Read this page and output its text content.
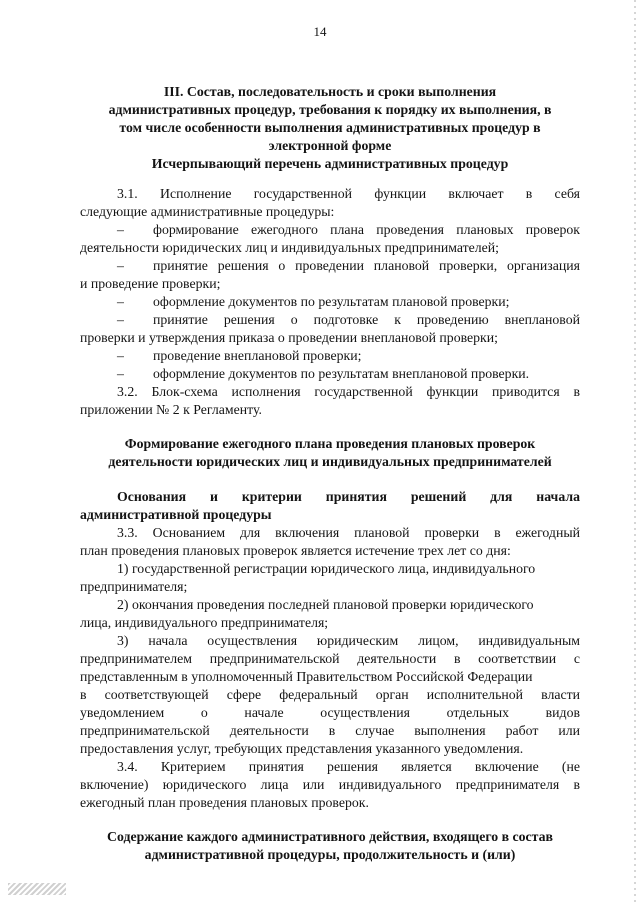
14
III. Состав, последовательность и сроки выполнения
административных процедур, требования к порядку их выполнения, в
том числе особенности выполнения административных процедур в
электронной форме
Исчерпывающий перечень административных процедур
3.1. Исполнение государственной функции включает в себя
следующие административные процедуры:
– формирование ежегодного плана проведения плановых проверок
деятельности юридических лиц и индивидуальных предпринимателей;
– принятие решения о проведении плановой проверки, организация
и проведение проверки;
– оформление документов по результатам плановой проверки;
– принятие решения о подготовке к проведению внеплановой
проверки и утверждения приказа о проведении внеплановой проверки;
– проведение внеплановой проверки;
– оформление документов по результатам внеплановой проверки.
3.2. Блок-схема исполнения государственной функции приводится в
приложении № 2 к Регламенту.
Формирование ежегодного плана проведения плановых проверок
деятельности юридических лиц и индивидуальных предпринимателей
Основания и критерии принятия решений для начала
административной процедуры
3.3. Основанием для включения плановой проверки в ежегодный
план проведения плановых проверок является истечение трех лет со дня:
1) государственной регистрации юридического лица, индивидуального
предпринимателя;
2) окончания проведения последней плановой проверки юридического
лица, индивидуального предпринимателя;
3) начала осуществления юридическим лицом, индивидуальным
предпринимателем предпринимательской деятельности в соответствии с
представленным в уполномоченный Правительством Российской Федерации
в соответствующей сфере федеральный орган исполнительной власти
уведомлением о начале осуществления отдельных видов
предпринимательской деятельности в случае выполнения работ или
предоставления услуг, требующих представления указанного уведомления.
3.4. Критерием принятия решения является включение (не
включение) юридического лица или индивидуального предпринимателя в
ежегодный план проведения плановых проверок.
Содержание каждого административного действия, входящего в состав
административной процедуры, продолжительность и (или)
